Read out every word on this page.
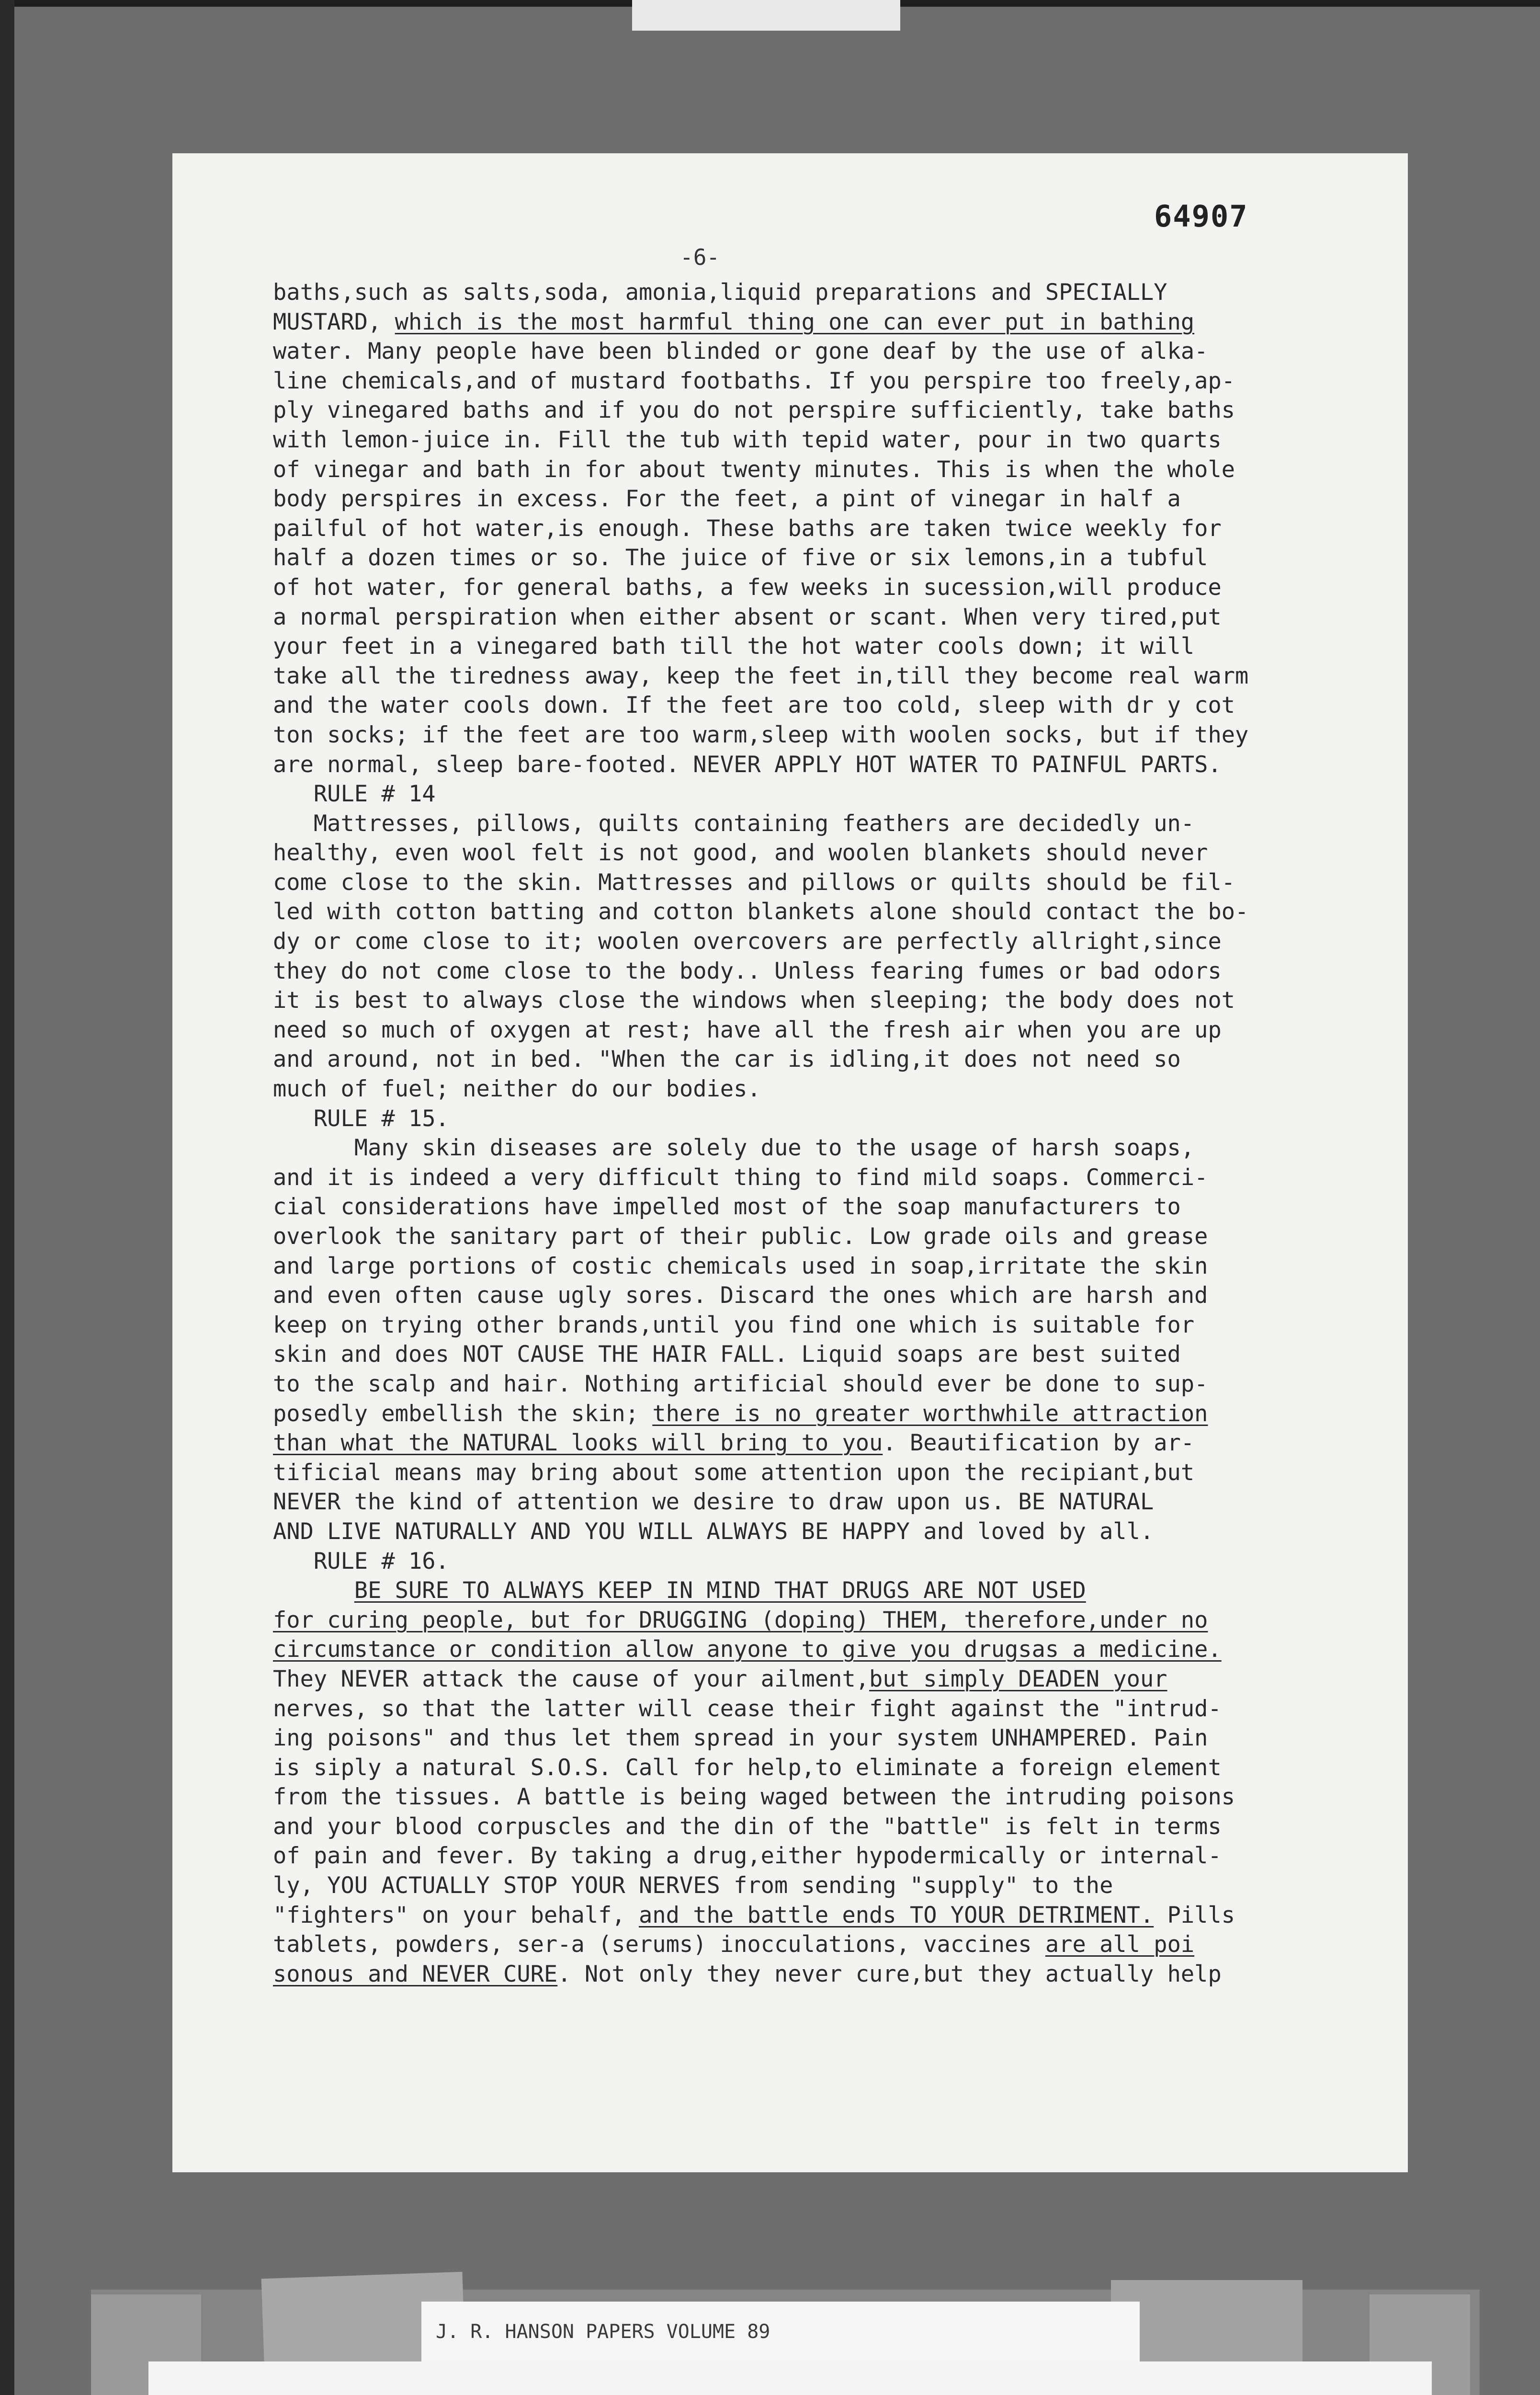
64907
-6-
baths,such as salts,soda, amonia,liquid preparations and SPECIALLY
MUSTARD, which is the most harmful thing one can ever put in bathing
water. Many people have been blinded or gone deaf by the use of alka-
line chemicals,and of mustard footbaths. If you perspire too freely,ap-
ply vinegared baths and if you do not perspire sufficiently, take baths
with lemon-juice in. Fill the tub with tepid water, pour in two quarts
of vinegar and bath in for about twenty minutes. This is when the whole
body perspires in excess. For the feet, a pint of vinegar in half a
pailful of hot water,is enough. These baths are taken twice weekly for
half a dozen times or so. The juice of five or six lemons,in a tubful
of hot water, for general baths, a few weeks in sucession,will produce
a normal perspiration when either absent or scant. When very tired,put
your feet in a vinegared bath till the hot water cools down; it will
take all the tiredness away, keep the feet in,till they become real warm
and the water cools down. If the feet are too cold, sleep with dr y cot
ton socks; if the feet are too warm,sleep with woolen socks, but if they
are normal, sleep bare-footed. NEVER APPLY HOT WATER TO PAINFUL PARTS.
RULE # 14
Mattresses, pillows, quilts containing feathers are decidedly un-
healthy, even wool felt is not good, and woolen blankets should never
come close to the skin. Mattresses and pillows or quilts should be fil-
led with cotton batting and cotton blankets alone should contact the bo-
dy or come close to it; woolen overcovers are perfectly allright,since
they do not come close to the body.. Unless fearing fumes or bad odors
it is best to always close the windows when sleeping; the body does not
need so much of oxygen at rest; have all the fresh air when you are up
and around, not in bed. "When the car is idling,it does not need so
much of fuel; neither do our bodies.
RULE # 15.
Many skin diseases are solely due to the usage of harsh soaps,
and it is indeed a very difficult thing to find mild soaps. Commerci-
cial considerations have impelled most of the soap manufacturers to
overlook the sanitary part of their public. Low grade oils and grease
and large portions of costic chemicals used in soap,irritate the skin
and even often cause ugly sores. Discard the ones which are harsh and
keep on trying other brands,until you find one which is suitable for
skin and does NOT CAUSE THE HAIR FALL. Liquid soaps are best suited
to the scalp and hair. Nothing artificial should ever be done to sup-
posedly embellish the skin; there is no greater worthwhile attraction
than what the NATURAL looks will bring to you. Beautification by ar-
tificial means may bring about some attention upon the recipiant,but
NEVER the kind of attention we desire to draw upon us. BE NATURAL
AND LIVE NATURALLY AND YOU WILL ALWAYS BE HAPPY and loved by all.
RULE # 16.
BE SURE TO ALWAYS KEEP IN MIND THAT DRUGS ARE NOT USED
for curing people, but for DRUGGING (doping) THEM, therefore,under no
circumstance or condition allow anyone to give you drugsas a medicine.
They NEVER attack the cause of your ailment,but simply DEADEN your
nerves, so that the latter will cease their fight against the "intrud-
ing poisons" and thus let them spread in your system UNHAMPERED. Pain
is siply a natural S.O.S. Call for help,to eliminate a foreign element
from the tissues. A battle is being waged between the intruding poisons
and your blood corpuscles and the din of the "battle" is felt in terms
of pain and fever. By taking a drug,either hypodermically or internal-
ly, YOU ACTUALLY STOP YOUR NERVES from sending "supply" to the
"fighters" on your behalf, and the battle ends TO YOUR DETRIMENT. Pills
tablets, powders, ser-a (serums) inocculations, vaccines are all poi
sonous and NEVER CURE. Not only they never cure,but they actually help
J. R. HANSON PAPERS VOLUME 89
